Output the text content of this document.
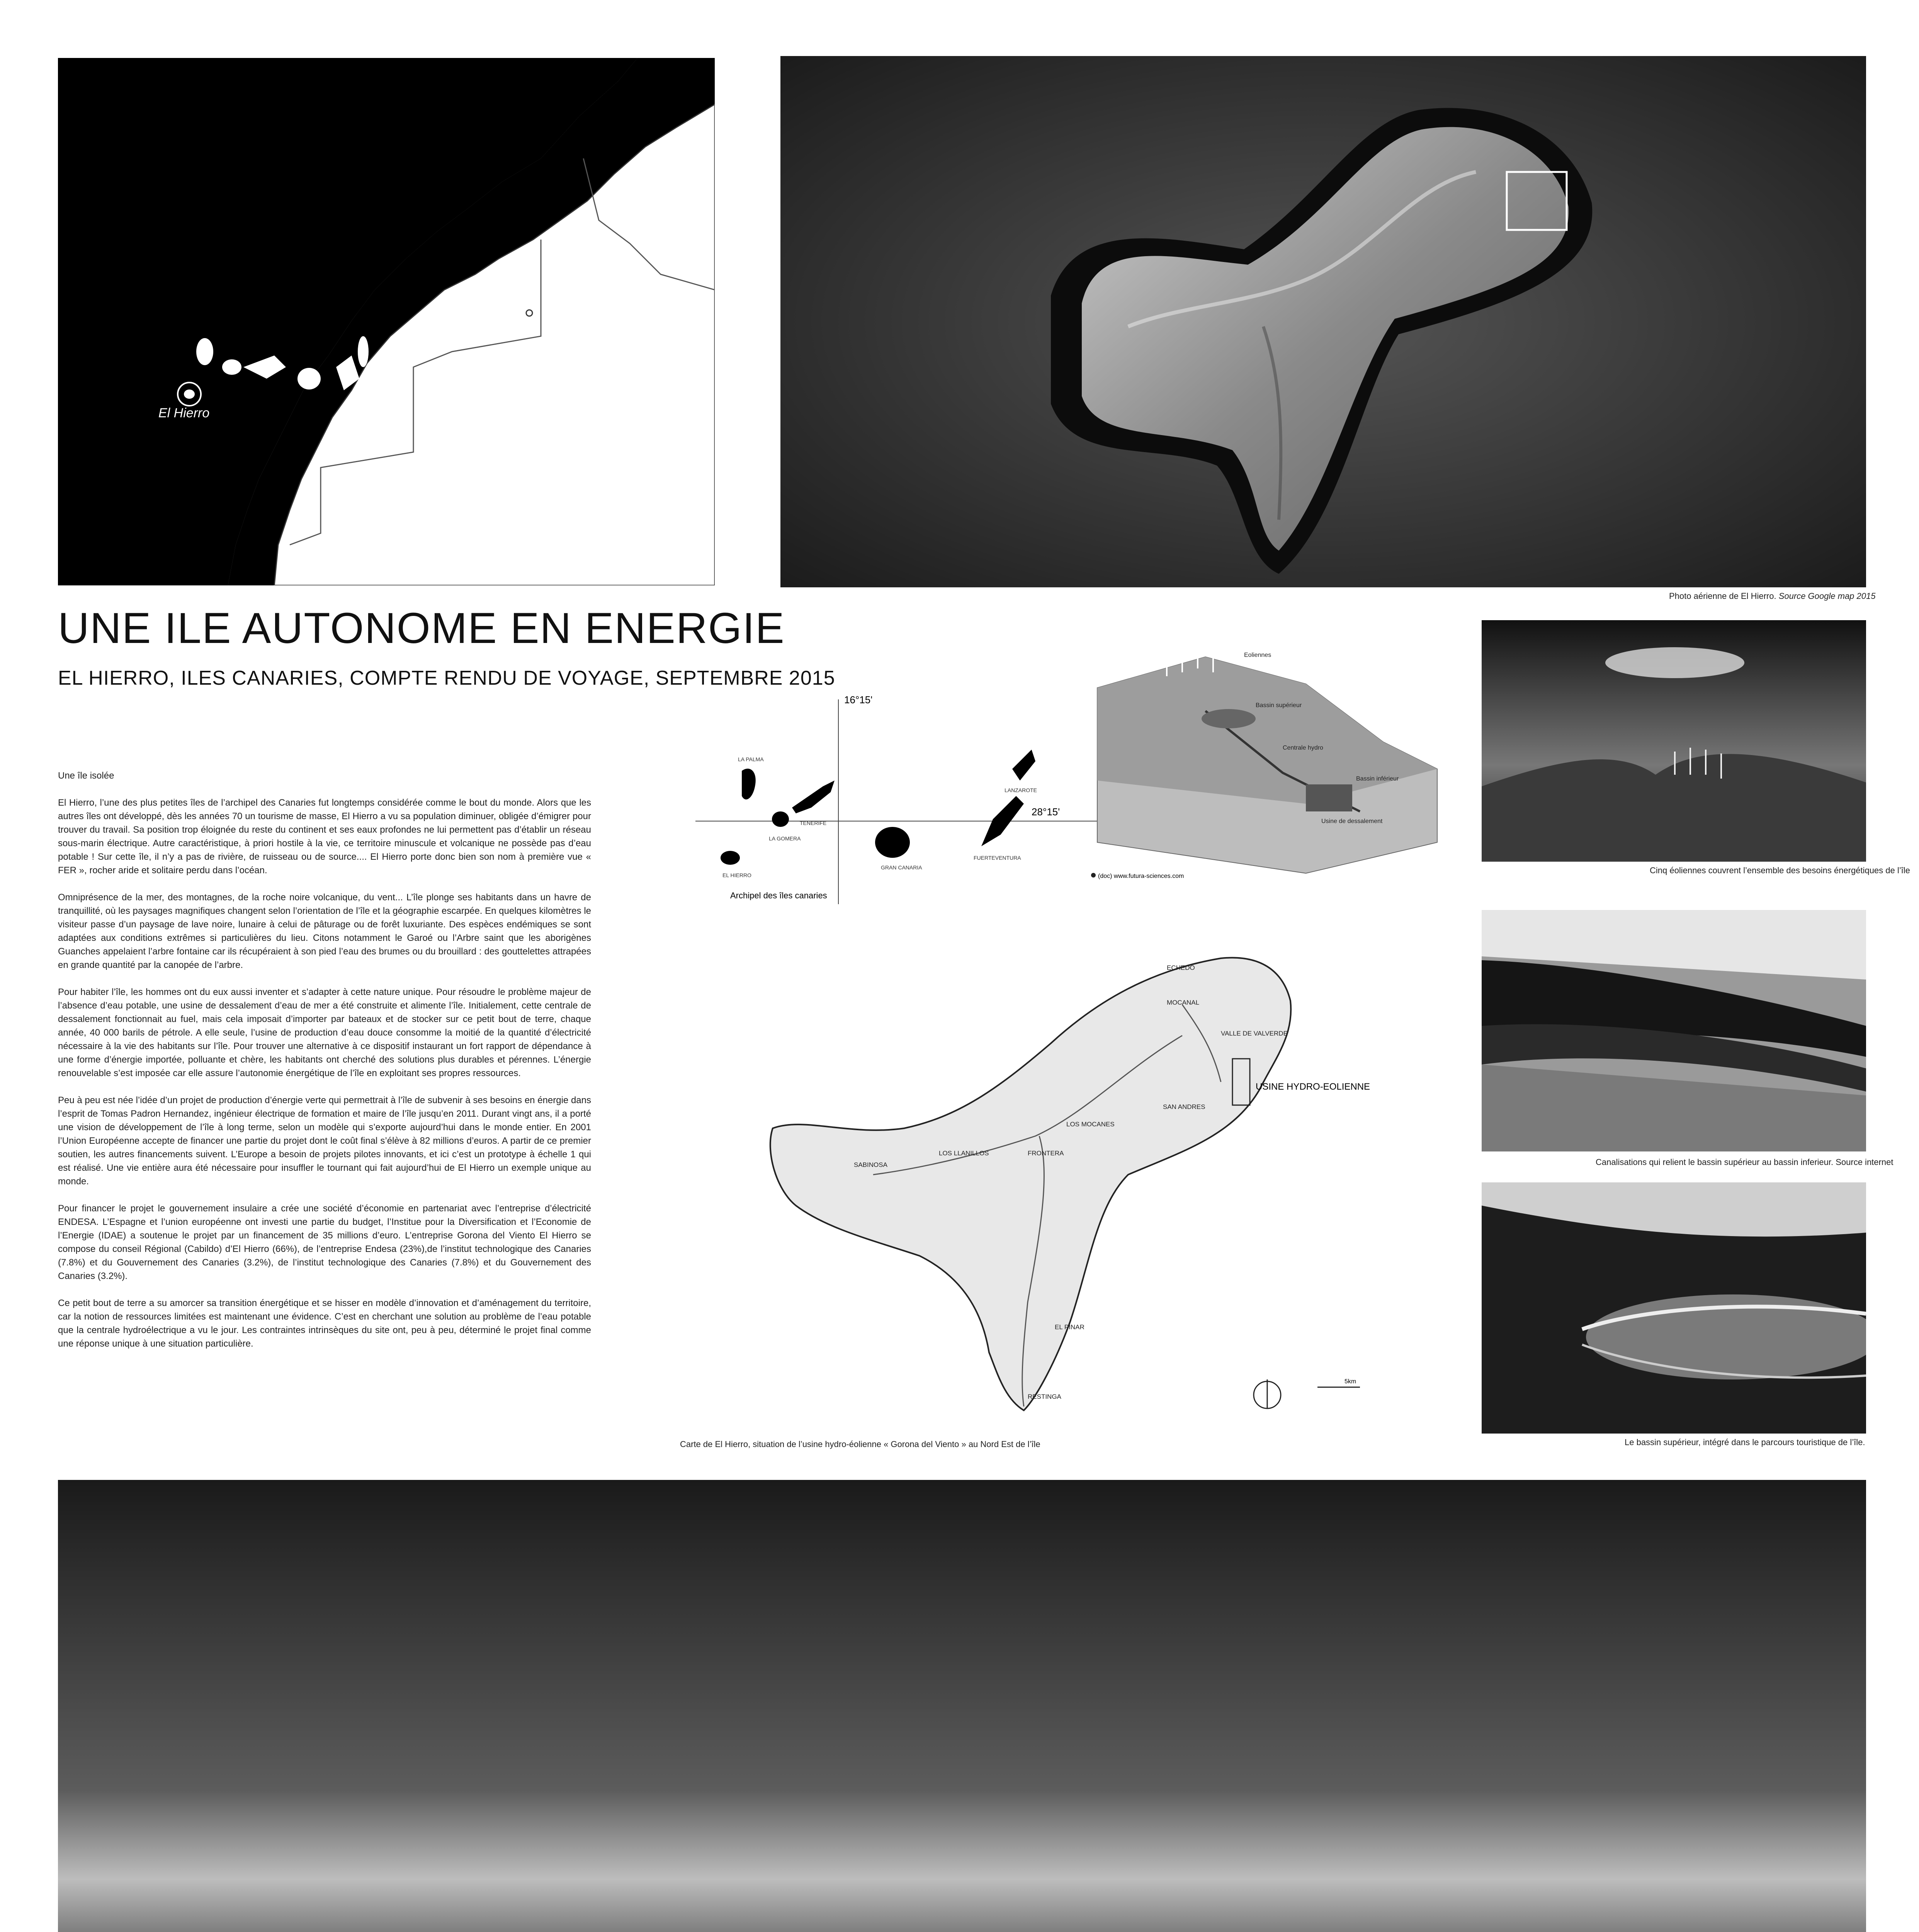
El Hierro
Photo aérienne de El Hierro. Source Google map 2015
UNE ILE AUTONOME EN ENERGIE
EL HIERRO, ILES CANARIES, COMPTE RENDU DE VOYAGE, SEPTEMBRE 2015

Une île isolée

El Hierro, l’une des plus petites îles de l’archipel des Canaries fut longtemps considérée comme le bout du monde. Alors que les autres îles ont développé, dès les années 70 un tourisme de masse, El Hierro a vu sa population diminuer, obligée d’émigrer pour trouver du travail. Sa position trop éloignée du reste du continent et ses eaux profondes ne lui permettent pas d’établir un réseau sous-marin électrique. Autre caractéristique, à priori hostile à la vie, ce territoire minuscule et volcanique ne possède pas d’eau potable ! Sur cette île, il n’y a pas de rivière, de ruisseau ou de source.... El Hierro porte donc bien son nom à première vue « FER », rocher aride et solitaire perdu dans l’océan.

Omniprésence de la mer, des montagnes, de la roche noire volcanique, du vent... L’île plonge ses habitants dans un havre de tranquillité, où les paysages magnifiques changent selon l’orientation de l’île et la géographie escarpée. En quelques kilomètres le visiteur passe d’un paysage de lave noire, lunaire à celui de pâturage ou de forêt luxuriante. Des espèces endémiques se sont adaptées aux conditions extrêmes si particulières du lieu. Citons notamment le Garoé ou l’Arbre saint que les aborigènes Guanches appelaient l’arbre fontaine car ils récupéraient à son pied l’eau des brumes ou du brouillard : des gouttelettes attrapées en grande quantité par la canopée de l’arbre.

Pour habiter l’île, les hommes ont du eux aussi inventer et s’adapter à cette nature unique. Pour résoudre le problème majeur de l’absence d’eau potable, une usine de dessalement d’eau de mer a été construite et alimente l’île. Initialement, cette centrale de dessalement fonctionnait au fuel, mais cela imposait d’importer par bateaux et de stocker sur ce petit bout de terre, chaque année, 40 000 barils de pétrole. A elle seule, l’usine de production d’eau douce consomme la moitié de la quantité d’électricité nécessaire à la vie des habitants sur l’île. Pour trouver une alternative à ce dispositif instaurant un fort rapport de dépendance à une forme d’énergie importée, polluante et chère, les habitants ont cherché des solutions plus durables et pérennes. L’énergie renouvelable s’est imposée car elle assure l’autonomie énergétique de l’île en exploitant ses propres ressources.

Peu à peu est née l’idée d’un projet de production d’énergie verte qui permettrait à l’île de subvenir à ses besoins en énergie dans l’esprit de Tomas Padron Hernandez, ingénieur électrique de formation et maire de l’île jusqu’en 2011. Durant vingt ans, il a porté une vision de développement de l’île à long terme, selon un modèle qui s’exporte aujourd’hui dans le monde entier. En 2001 l’Union Européenne accepte de financer une partie du projet dont le coût final s’élève à 82 millions d’euros. A partir de ce premier soutien, les autres financements suivent. L’Europe a besoin de projets pilotes innovants, et ici c’est un prototype à échelle 1 qui est réalisé. Une vie entière aura été nécessaire pour insuffler le tournant qui fait aujourd’hui de El Hierro un exemple unique au monde.

Pour financer le projet le gouvernement insulaire a crée une société d’économie en partenariat avec l’entreprise d’électricité ENDESA. L’Espagne et l’union européenne ont investi une partie du budget, l’Institue pour la Diversification et l’Economie de l’Energie (IDAE) a soutenue le projet par un financement de 35 millions d’euro. L’entreprise Gorona del Viento El Hierro se compose du conseil Régional (Cabildo) d’El Hierro (66%), de l’entreprise Endesa (23%),de l’institut technologique des Canaries (7.8%) et du Gouvernement des Canaries (3.2%), de l’institut technologique des Canaries (7.8%) et du Gouvernement des Canaries (3.2%).

Ce petit bout de terre a su amorcer sa transition énergétique et se hisser en modèle d’innovation et d’aménagement du territoire, car la notion de ressources limitées est maintenant une évidence. C’est en cherchant une solution au problème de l’eau potable que la centrale hydroélectrique a vu le jour. Les contraintes intrinsèques du site ont, peu à peu, déterminé le projet final comme une réponse unique à une situation particulière.

16°15'
28°15'
LA PALMA
TENERIFE
LA GOMERA
EL HIERRO
GRAN CANARIA
LANZAROTE
FUERTEVENTURA
Archipel des îles canaries
Eoliennes
Bassin supérieur
Centrale hydro
Bassin inférieur
Usine de dessalement
(doc) www.futura-sciences.com
ECHEDO
MOCANAL
VALLE DE VALVERDE
SAN ANDRES
LOS MOCANES
FRONTERA
LOS LLANILLOS
SABINOSA
EL PINAR
RESTINGA
USINE HYDRO-EOLIENNE
5km
Carte de El Hierro, situation de l’usine hydro-éolienne « Gorona del Viento » au Nord Est de l’île
Cinq éoliennes couvrent l’ensemble des besoins énergétiques de l’île
Canalisations qui relient le bassin supérieur au bassin inferieur. Source internet
Le bassin supérieur, intégré dans le parcours touristique de l’île.
